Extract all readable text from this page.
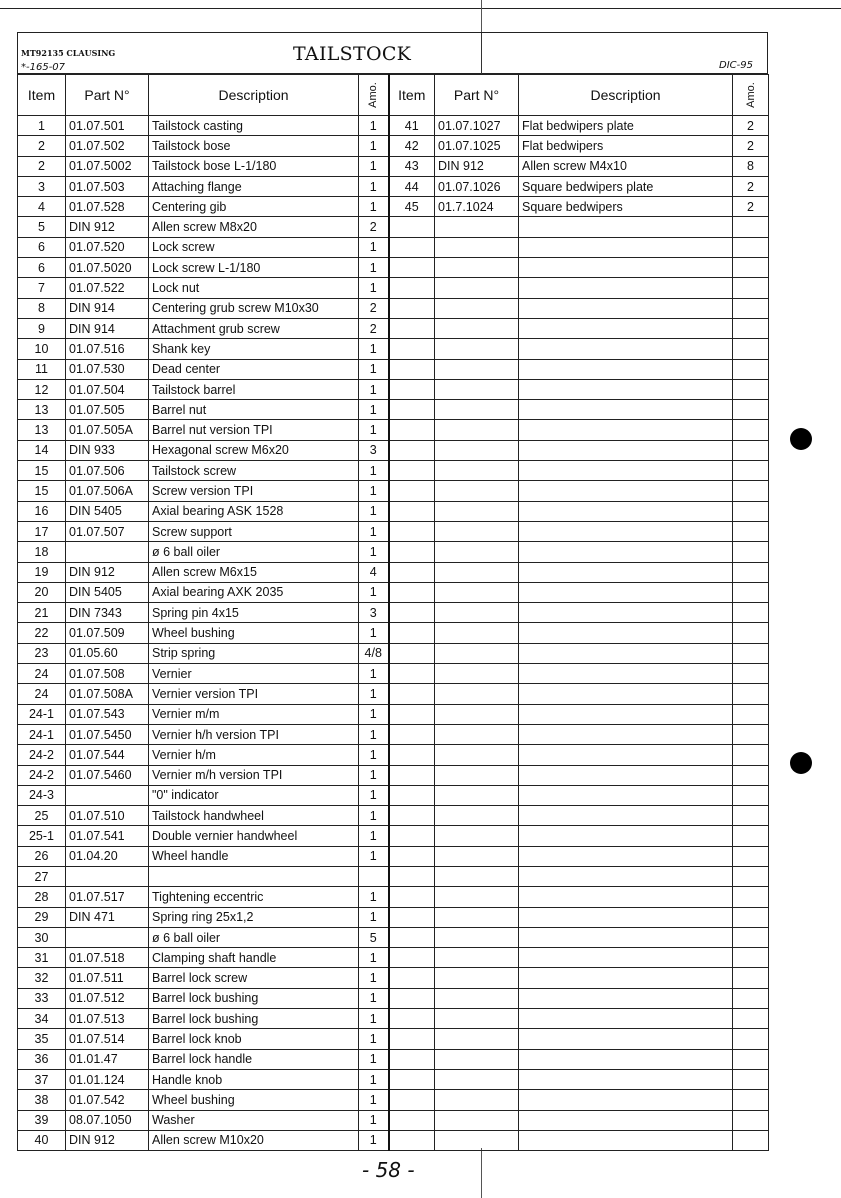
MT92135 CLAUSING
*-165-07
TAILSTOCK
DIC-95
Item	Part N°	Description	Amo.	Item	Part N°	Description	Amo.
1	01.07.501	Tailstock casting	1	41	01.07.1027	Flat bedwipers plate	2
2	01.07.502	Tailstock bose	1	42	01.07.1025	Flat bedwipers	2
2	01.07.5002	Tailstock bose L-1/180	1	43	DIN 912	Allen screw M4x10	8
3	01.07.503	Attaching flange	1	44	01.07.1026	Square bedwipers plate	2
4	01.07.528	Centering gib	1	45	01.7.1024	Square bedwipers	2
5	DIN 912	Allen screw M8x20	2				
6	01.07.520	Lock screw	1				
6	01.07.5020	Lock screw L-1/180	1				
7	01.07.522	Lock nut	1				
8	DIN 914	Centering grub screw M10x30	2				
9	DIN 914	Attachment grub screw	2				
10	01.07.516	Shank key	1				
11	01.07.530	Dead center	1				
12	01.07.504	Tailstock barrel	1				
13	01.07.505	Barrel nut	1				
13	01.07.505A	Barrel nut version TPI	1				
14	DIN 933	Hexagonal screw M6x20	3				
15	01.07.506	Tailstock screw	1				
15	01.07.506A	Screw version TPI	1				
16	DIN 5405	Axial bearing ASK 1528	1				
17	01.07.507	Screw support	1				
18		ø 6 ball oiler	1				
19	DIN 912	Allen screw M6x15	4				
20	DIN 5405	Axial bearing AXK 2035	1				
21	DIN 7343	Spring pin 4x15	3				
22	01.07.509	Wheel bushing	1				
23	01.05.60	Strip spring	4/8				
24	01.07.508	Vernier	1				
24	01.07.508A	Vernier version TPI	1				
24-1	01.07.543	Vernier m/m	1				
24-1	01.07.5450	Vernier h/h version TPI	1				
24-2	01.07.544	Vernier h/m	1				
24-2	01.07.5460	Vernier m/h version TPI	1				
24-3		"0" indicator	1				
25	01.07.510	Tailstock handwheel	1				
25-1	01.07.541	Double vernier handwheel	1				
26	01.04.20	Wheel handle	1				
27							
28	01.07.517	Tightening eccentric	1				
29	DIN 471	Spring ring 25x1,2	1				
30		ø 6 ball oiler	5				
31	01.07.518	Clamping shaft handle	1				
32	01.07.511	Barrel lock screw	1				
33	01.07.512	Barrel lock bushing	1				
34	01.07.513	Barrel lock bushing	1				
35	01.07.514	Barrel lock knob	1				
36	01.01.47	Barrel lock handle	1				
37	01.01.124	Handle knob	1				
38	01.07.542	Wheel bushing	1				
39	08.07.1050	Washer	1				
40	DIN 912	Allen screw M10x20	1				
- 58 -
